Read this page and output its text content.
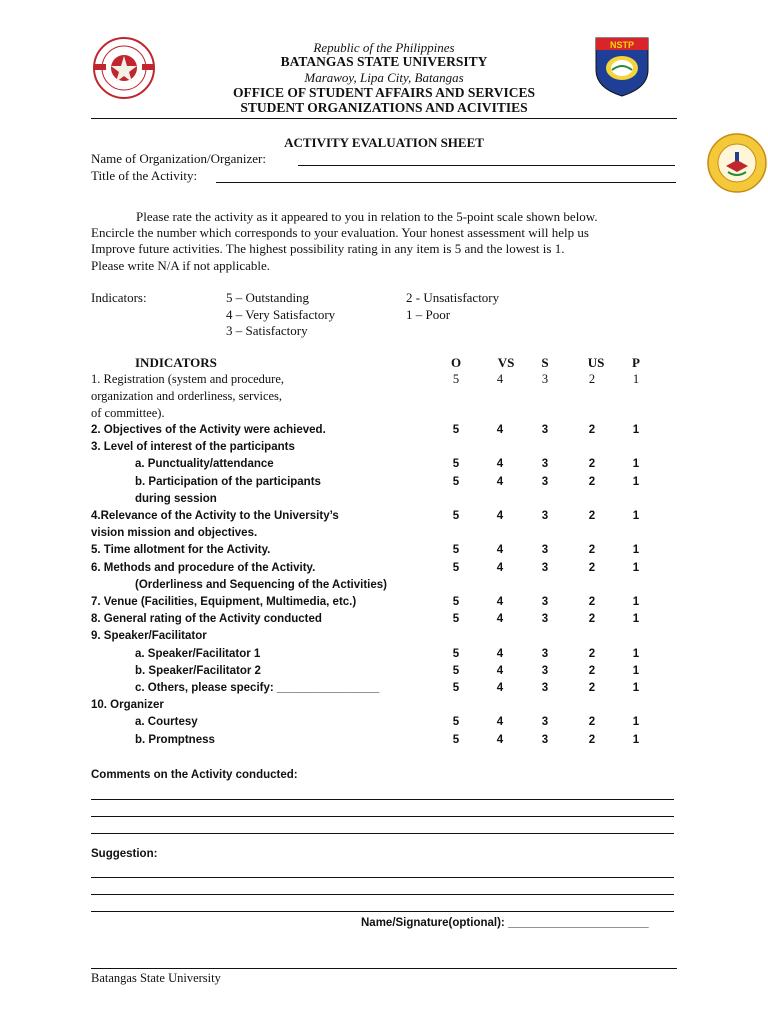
NSTP
Republic of the Philippines
BATANGAS STATE UNIVERSITY
Marawoy, Lipa City, Batangas
OFFICE OF STUDENT AFFAIRS AND SERVICES
STUDENT ORGANIZATIONS AND ACIVITIES
ACTIVITY EVALUATION SHEET
Name of Organization/Organizer:
Title of the Activity:
Please rate the activity as it appeared to you in relation to the 5-point scale shown below.
Encircle the number which corresponds to your evaluation. Your honest assessment will help us
Improve future activities. The highest possibility rating in any item is 5 and the lowest is 1.
Please write N/A if not applicable.
Indicators:	5 – Outstanding
4 – Very Satisfactory
3 – Satisfactory
2 - Unsatisfactory
1 – Poor
INDICATORS	O	VS	S	US	P
1. Registration (system and procedure,
organization and orderliness, services,
of committee).
5	4	3	2	1
2. Objectives of the Activity were achieved.	5	4	3	2	1
3. Level of interest of the participants
a. Punctuality/attendance	5	4	3	2	1
b. Participation of the participants	5	4	3	2	1
during session
4.Relevance of the Activity to the University’s	5	4	3	2	1
vision mission and objectives.
5. Time allotment for the Activity.	5	4	3	2	1
6. Methods and procedure of the Activity.	5	4	3	2	1
(Orderliness and Sequencing of the Activities)
7. Venue (Facilities, Equipment, Multimedia, etc.)	5	4	3	2	1
8. General rating of the Activity conducted	5	4	3	2	1
9. Speaker/Facilitator
a. Speaker/Facilitator 1	5	4	3	2	1
b. Speaker/Facilitator 2	5	4	3	2	1
c. Others, please specify: ________________	5	4	3	2	1
10. Organizer
a. Courtesy	5	4	3	2	1
b. Promptness	5	4	3	2	1
Comments on the Activity conducted:
Suggestion:
Name/Signature(optional): ______________________
Batangas State University
